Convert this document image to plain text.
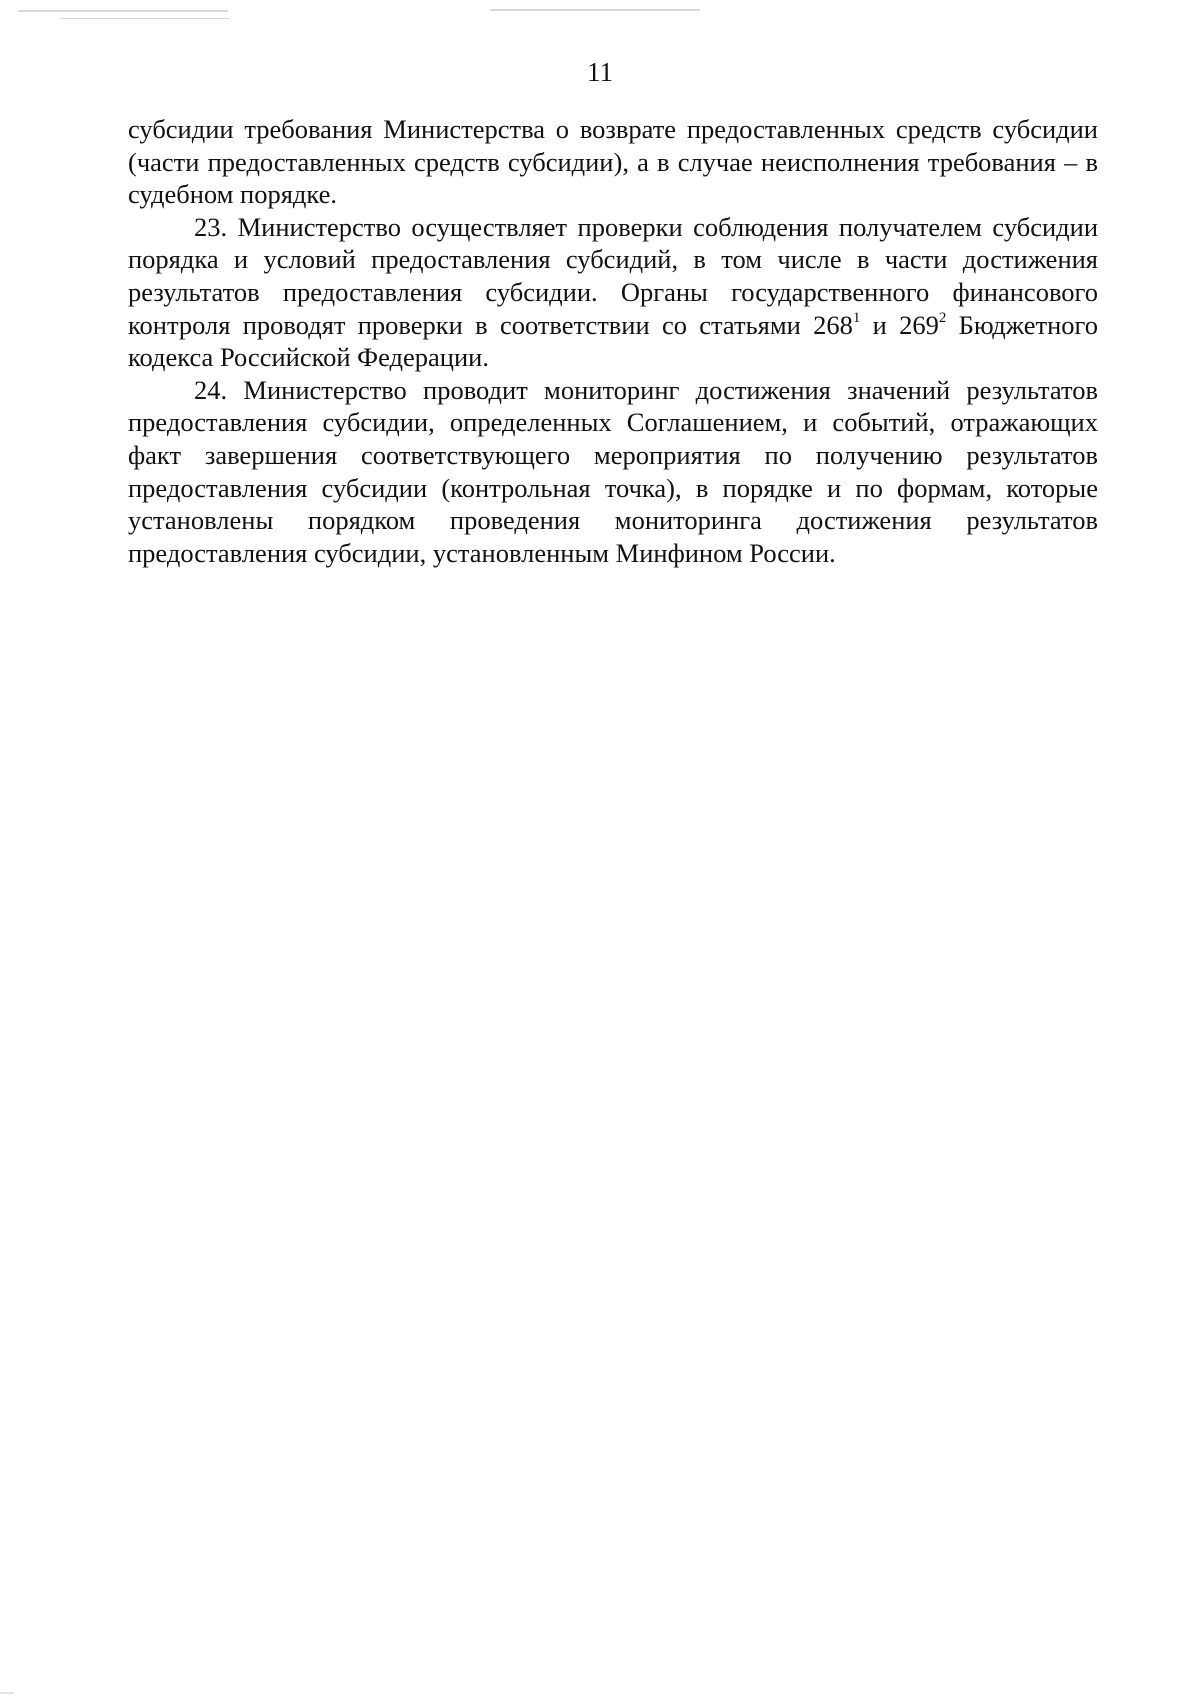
11

субсидии требования Министерства о возврате предоставленных средств субсидии (части предоставленных средств субсидии), а в случае неисполнения требования – в судебном порядке.

23. Министерство осуществляет проверки соблюдения получателем субсидии порядка и условий предоставления субсидий, в том числе в части достижения результатов предоставления субсидии. Органы государственного финансового контроля проводят проверки в соответствии со статьями $268^1$ и $269^2$ Бюджетного кодекса Российской Федерации.

24. Министерство проводит мониторинг достижения значений результатов предоставления субсидии, определенных Соглашением, и событий, отражающих факт завершения соответствующего мероприятия по получению результатов предоставления субсидии (контрольная точка), в порядке и по формам, которые установлены порядком проведения мониторинга достижения результатов предоставления субсидии, установленным Минфином России.
